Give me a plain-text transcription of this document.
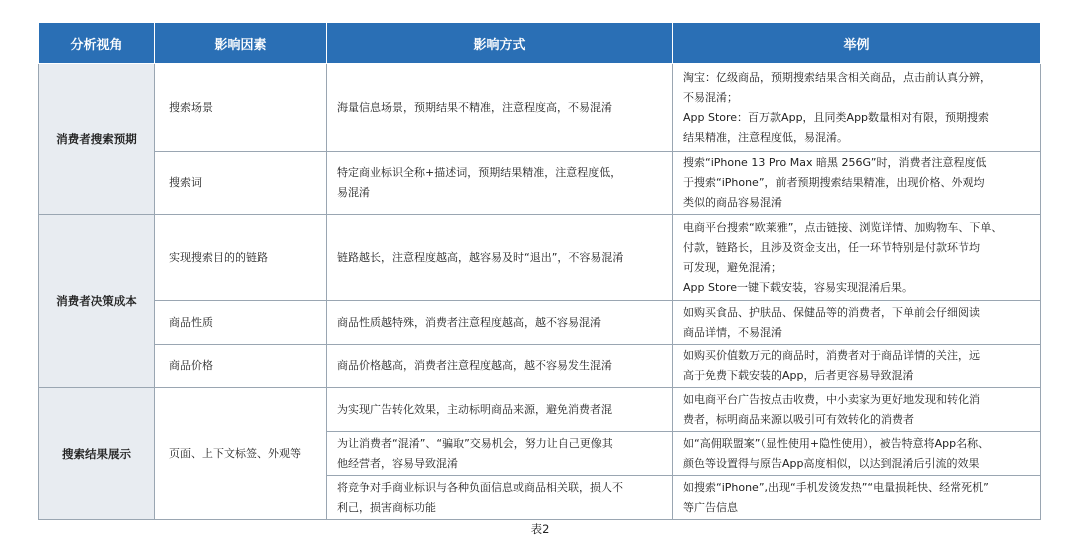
分析视角	影响因素	影响方式	举例
消费者搜索预期	搜索场景	海量信息场景，预期结果不精准，注意程度高，不易混淆	淘宝：亿级商品，预期搜索结果含相关商品，点击前认真分辨，
不易混淆；
App Store：百万款App，且同类App数量相对有限，预期搜索
结果精准，注意程度低，易混淆。

	搜索词	特定商业标识全称+描述词，预期结果精准，注意程度低，
易混淆	搜索“iPhone 13 Pro Max 暗黑 256G”时，消费者注意程度低
于搜索“iPhone”，前者预期搜索结果精准，出现价格、外观均
类似的商品容易混淆

消费者决策成本	实现搜索目的的链路	链路越长，注意程度越高，越容易及时“退出”，不容易混淆	电商平台搜索“欧莱雅”，点击链接、浏览详情、加购物车、下单、
付款，链路长，且涉及资金支出，任一环节特别是付款环节均
可发现，避免混淆；
App Store一键下载安装，容易实现混淆后果。

	商品性质	商品性质越特殊，消费者注意程度越高，越不容易混淆	如购买食品、护肤品、保健品等的消费者，下单前会仔细阅读
商品详情，不易混淆

	商品价格	商品价格越高，消费者注意程度越高，越不容易发生混淆	如购买价值数万元的商品时，消费者对于商品详情的关注，远
高于免费下载安装的App，后者更容易导致混淆

搜索结果展示	页面、上下文标签、外观等	为实现广告转化效果，主动标明商品来源，避免消费者混	如电商平台广告按点击收费，中小卖家为更好地发现和转化消
费者，标明商品来源以吸引可有效转化的消费者

		为让消费者“混淆”、“骗取”交易机会，努力让自己更像其
他经营者，容易导致混淆	如“高佣联盟案”（显性使用+隐性使用），被告特意将App名称、
颜色等设置得与原告App高度相似，以达到混淆后引流的效果

		将竞争对手商业标识与各种负面信息或商品相关联，损人不
利己，损害商标功能	如搜索“iPhone”,出现“手机发烫发热”“电量损耗快、经常死机”
等广告信息
表2
